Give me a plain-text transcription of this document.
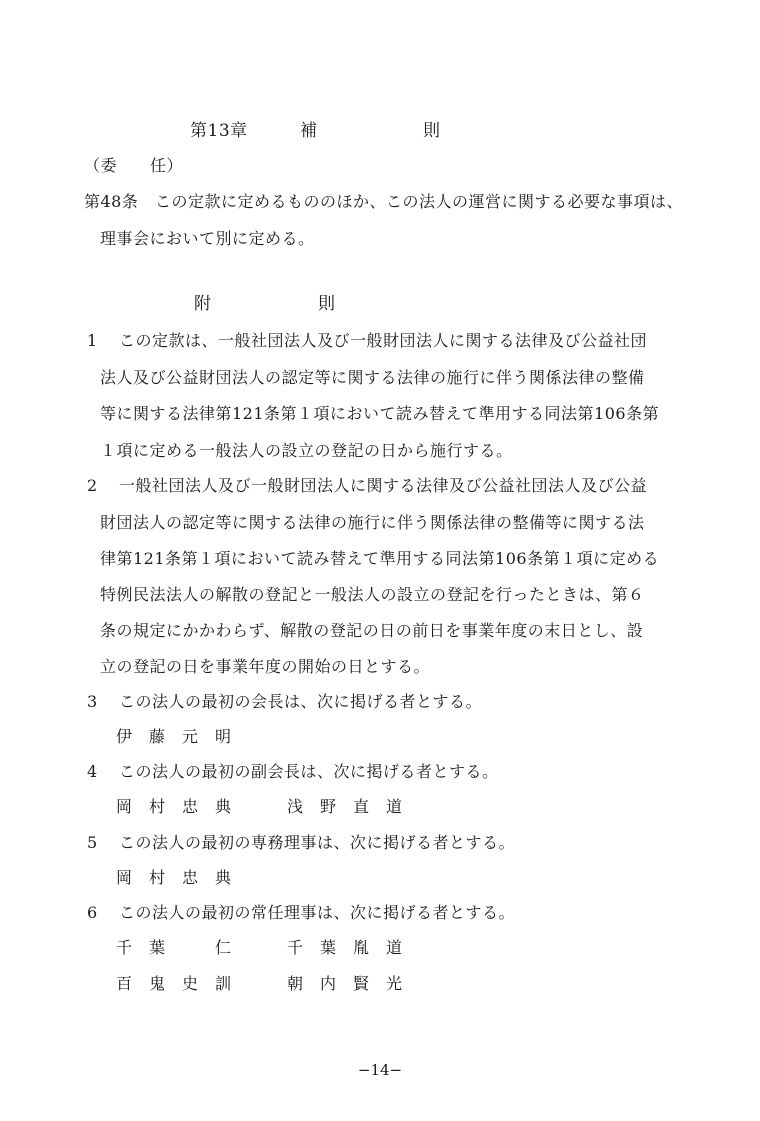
第13章	補	則
（委　　任）
第48条 この定款に定めるもののほか、この法人の運営に関する必要な事項は、
理事会において別に定める。
附	則
1 この定款は、一般社団法人及び一般財団法人に関する法律及び公益社団
法人及び公益財団法人の認定等に関する法律の施行に伴う関係法律の整備
等に関する法律第121条第１項において読み替えて準用する同法第106条第
１項に定める一般法人の設立の登記の日から施行する。
2 一般社団法人及び一般財団法人に関する法律及び公益社団法人及び公益
財団法人の認定等に関する法律の施行に伴う関係法律の整備等に関する法
律第121条第１項において読み替えて準用する同法第106条第１項に定める
特例民法法人の解散の登記と一般法人の設立の登記を行ったときは、第６
条の規定にかかわらず、解散の登記の日の前日を事業年度の末日とし、設
立の登記の日を事業年度の開始の日とする。
3 この法人の最初の会長は、次に掲げる者とする。
伊　藤　元　明
4 この法人の最初の副会長は、次に掲げる者とする。
岡　村　忠　典	浅　野　直　道
5 この法人の最初の専務理事は、次に掲げる者とする。
岡　村　忠　典
6 この法人の最初の常任理事は、次に掲げる者とする。
千　葉　　　仁	千　葉　胤　道
百　鬼　史　訓	朝　内　賢　光
−14−
